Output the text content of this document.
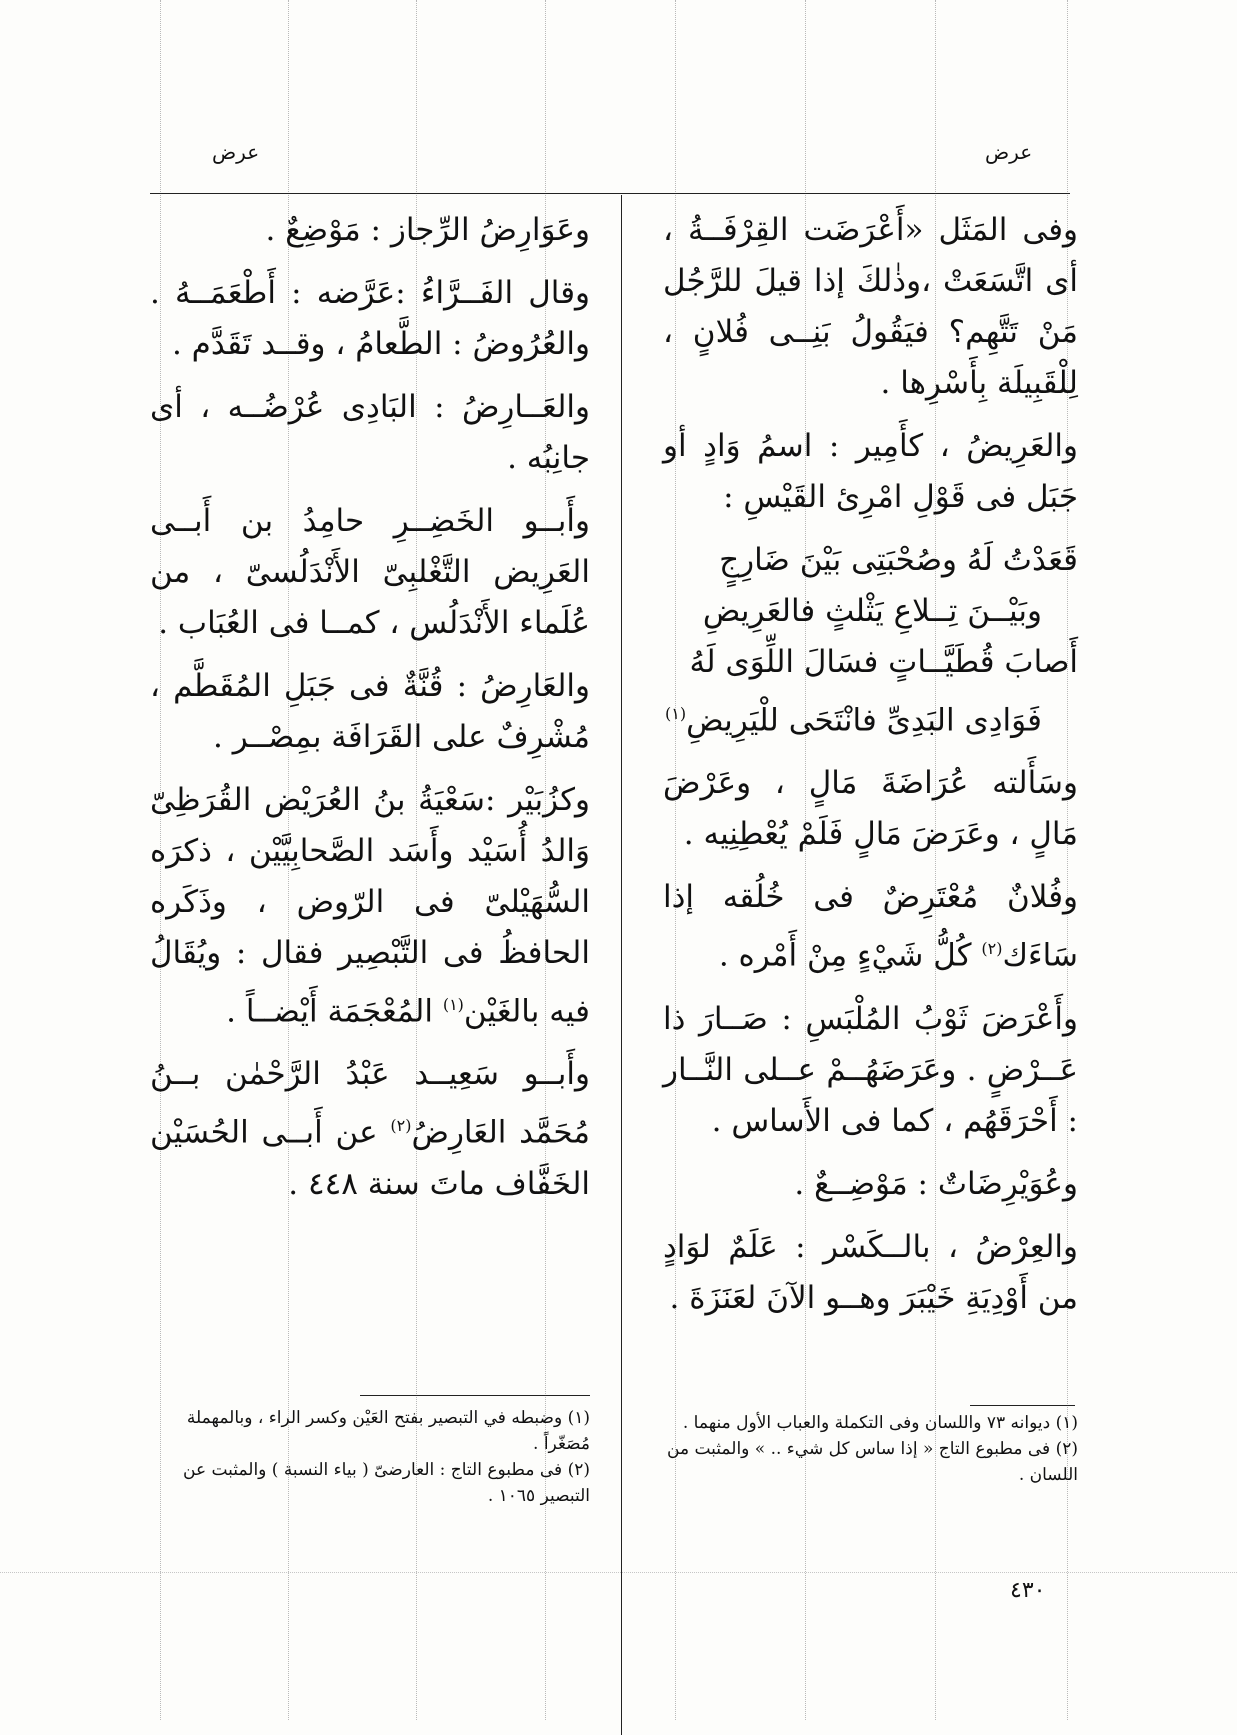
عرض	عرض

وفى المَثَل «أَعْرَضَت القِرْفَــةُ ، أى اتَّسَعَتْ ،وذٰلكَ إذا قيلَ للرَّجُل مَنْ تَتَّهِم؟ فيَقُولُ بَنِــى فُلانٍ ، لِلْقَبِيلَة بِأَسْرِها .

والعَرِيضُ ، كأَمِير : اسمُ وَادٍ أو جَبَل فى قَوْلِ امْرِئ القَيْسِ :

قَعَدْتُ لَهُ وصُحْبَتِى بَيْنَ ضَارِجٍ

وبَيْــنَ تِــلاعِ يَثْلثٍ فالعَرِيضِ

أَصابَ قُطَيَّــاتٍ فسَالَ اللِّوَى لَهُ

فَوَادِى البَدِىِّ فانْتَحَى للْيَرِيضِ$^{(١)}$

وسَأَلته عُرَاضَةَ مَالٍ ، وعَرْضَ مَالٍ ، وعَرَضَ مَالٍ فَلَمْ يُعْطِنِيه .

وفُلانٌ مُعْتَرِضٌ فى خُلُقه إذا سَاءَك$^{(٢)}$ كُلُّ شَيْءٍ مِنْ أَمْره .

وأَعْرَضَ ثَوْبُ المُلْبَسِ : صَــارَ ذا عَــرْضٍ . وعَرَضَهُــمْ عــلى النَّــار : أَحْرَقَهُم ، كما فى الأَساس .

وعُوَيْرِضَاتٌ : مَوْضِــعٌ .

والعِرْضُ ، بالــكَسْر : عَلَمٌ لوَادٍ من أَوْدِيَةِ خَيْبَرَ وهــو الآنَ لعَنَزَةَ .

(١) ديوانه ٧٣ واللسان وفى التكملة والعباب الأول منهما .

(٢) فى مطبوع التاج « إذا ساس كل شيء .. » والمثبت من اللسان .

وعَوَارِضُ الرِّجاز : مَوْضِعٌ .

وقال الفَــرَّاءُ :عَرَّضه : أَطْعَمَــهُ . والعُرُوضُ : الطَّعامُ ، وقــد تَقَدَّم .

والعَــارِضُ : البَادِى عُرْضُــه ، أى جانِبُه .

وأَبــو الخَضِــرِ حامِدُ بن أَبــى العَرِيض التَّغْلبِىّ الأَنْدَلُسىّ ، من عُلَماء الأَنْدَلُس ، كمــا فى العُبَاب .

والعَارِضُ : قُنَّةٌ فى جَبَلِ المُقَطَّم ، مُشْرِفٌ على القَرَافَة بمِصْــر .

وكزُبَيْر :سَعْيَةُ بنُ العُرَيْض القُرَظِىّ وَالدُ أُسَيْد وأَسَد الصَّحابِيَّيْن ، ذكرَه السُّهَيْلىّ فى الرّوض ، وذَكَره الحافظُ فى التَّبْصِير فقال : ويُقَالُ فيه بالغَيْن$^{(١)}$ المُعْجَمَة أَيْضــاً .

وأَبــو سَعِيــد عَبْدُ الرَّحْمٰن بــنُ مُحَمَّد العَارِضُ$^{(٢)}$ عن أَبــى الحُسَيْن الخَفَّاف ماتَ سنة ٤٤٨ .

(١) وضبطه في التبصير بفتح العَيْن وكسر الراء ، وبالمهملة مُصَغّراً .

(٢) فى مطبوع التاج : العارضىّ ( بياء النسبة ) والمثبت عن التبصير ١٠٦٥ .

٤٣٠
